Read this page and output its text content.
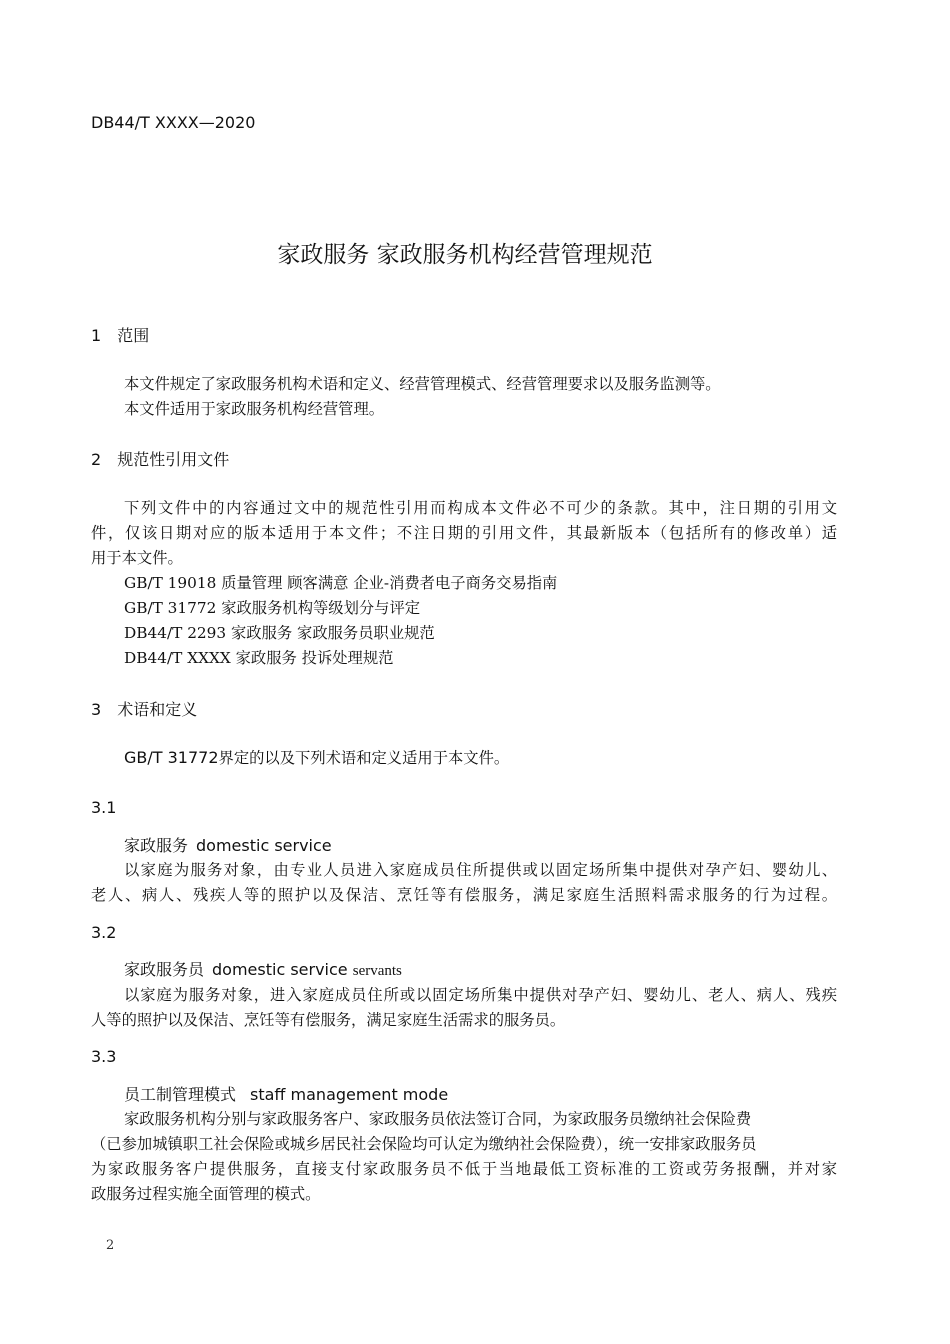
DB44/T XXXX—2020
家政服务 家政服务机构经营管理规范
1 范围
本文件规定了家政服务机构术语和定义、经营管理模式、经营管理要求以及服务监测等。
本文件适用于家政服务机构经营管理。
2 规范性引用文件
下列文件中的内容通过文中的规范性引用而构成本文件必不可少的条款。其中，注日期的引用文
件，仅该日期对应的版本适用于本文件；不注日期的引用文件，其最新版本（包括所有的修改单）适
用于本文件。
GB/T 19018 质量管理 顾客满意 企业-消费者电子商务交易指南
GB/T 31772 家政服务机构等级划分与评定
DB44/T 2293 家政服务 家政服务员职业规范
DB44/T XXXX 家政服务 投诉处理规范
3 术语和定义
GB/T 31772界定的以及下列术语和定义适用于本文件。
3.1
家政服务 domestic service
以家庭为服务对象，由专业人员进入家庭成员住所提供或以固定场所集中提供对孕产妇、婴幼儿、
老人、病人、残疾人等的照护以及保洁、烹饪等有偿服务，满足家庭生活照料需求服务的行为过程。
3.2
家政服务员 domestic service servants
以家庭为服务对象，进入家庭成员住所或以固定场所集中提供对孕产妇、婴幼儿、老人、病人、残疾
人等的照护以及保洁、烹饪等有偿服务，满足家庭生活需求的服务员。
3.3
员工制管理模式 staff management mode
家政服务机构分别与家政服务客户、家政服务员依法签订合同，为家政服务员缴纳社会保险费
（已参加城镇职工社会保险或城乡居民社会保险均可认定为缴纳社会保险费），统一安排家政服务员
为家政服务客户提供服务，直接支付家政服务员不低于当地最低工资标准的工资或劳务报酬，并对家
政服务过程实施全面管理的模式。
2
